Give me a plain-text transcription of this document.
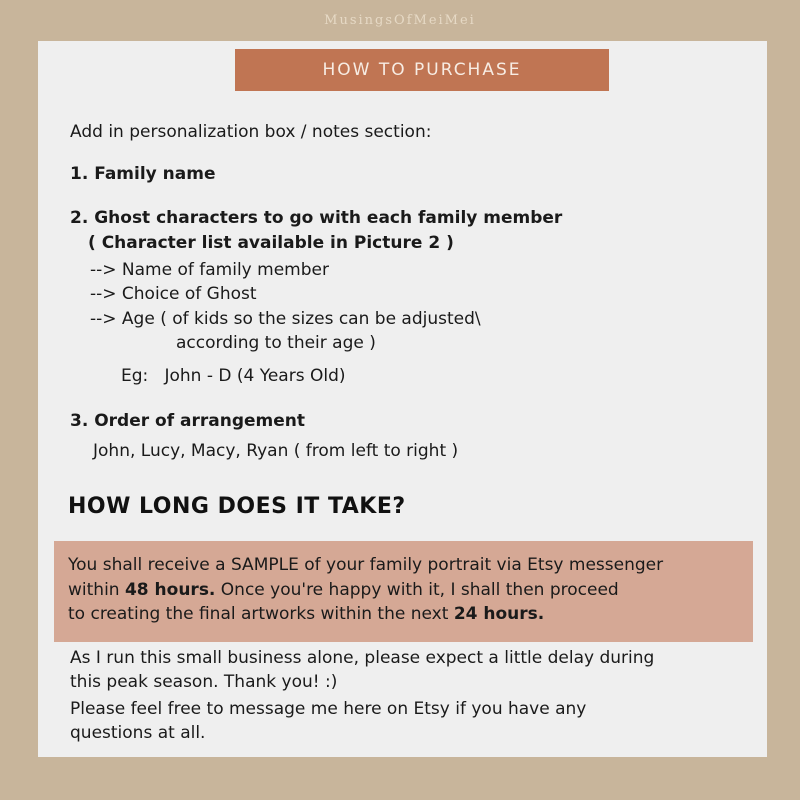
MusingsOfMeiMei
HOW TO PURCHASE
Add in personalization box / notes section:
1. Family name
2. Ghost characters to go with each family member
( Character list available in Picture 2 )
--> Name of family member
--> Choice of Ghost
--> Age ( of kids so the sizes can be adjusted\
according to their age )
Eg:   John - D (4 Years Old)
3. Order of arrangement
John, Lucy, Macy, Ryan ( from left to right )
HOW LONG DOES IT TAKE?
You shall receive a SAMPLE of your family portrait via Etsy messenger
within 48 hours. Once you're happy with it, I shall then proceed
to creating the final artworks within the next 24 hours.
As I run this small business alone, please expect a little delay during
this peak season. Thank you! :)
Please feel free to message me here on Etsy if you have any
questions at all.
